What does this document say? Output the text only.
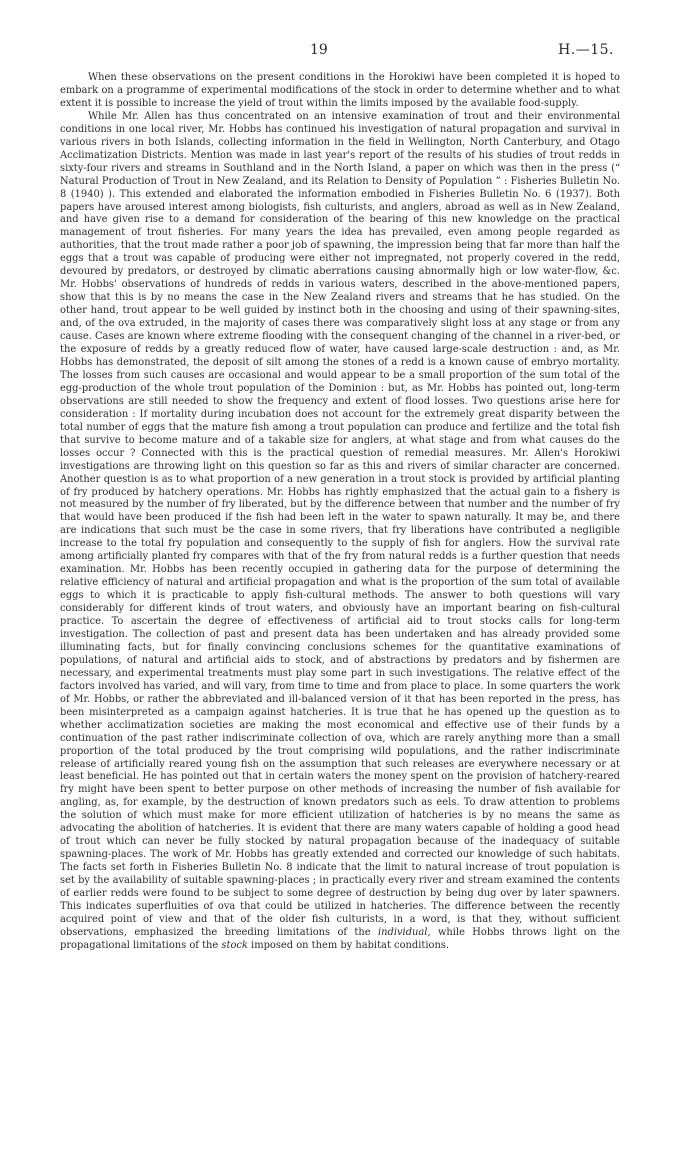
19	H.—15.

When these observations on the present conditions in the Horokiwi have been completed it is hoped to embark on a programme of experimental modifications of the stock in order to determine whether and to what extent it is possible to increase the yield of trout within the limits imposed by the available food-supply.

While Mr. Allen has thus concentrated on an intensive examination of trout and their environmental conditions in one local river, Mr. Hobbs has continued his investigation of natural propagation and survival in various rivers in both Islands, collecting information in the field in Wellington, North Canterbury, and Otago Acclimatization Districts. Mention was made in last year's report of the results of his studies of trout redds in sixty-four rivers and streams in Southland and in the North Island, a paper on which was then in the press (“ Natural Production of Trout in New Zealand, and its Relation to Density of Population ” : Fisheries Bulletin No. 8 (1940) ). This extended and elaborated the information embodied in Fisheries Bulletin No. 6 (1937). Both papers have aroused interest among biologists, fish culturists, and anglers, abroad as well as in New Zealand, and have given rise to a demand for consideration of the bearing of this new knowledge on the practical management of trout fisheries. For many years the idea has prevailed, even among people regarded as authorities, that the trout made rather a poor job of spawning, the impression being that far more than half the eggs that a trout was capable of producing were either not impregnated, not properly covered in the redd, devoured by predators, or destroyed by climatic aberrations causing abnormally high or low water-flow, &c. Mr. Hobbs' observations of hundreds of redds in various waters, described in the above-mentioned papers, show that this is by no means the case in the New Zealand rivers and streams that he has studied. On the other hand, trout appear to be well guided by instinct both in the choosing and using of their spawning-sites, and, of the ova extruded, in the majority of cases there was comparatively slight loss at any stage or from any cause. Cases are known where extreme flooding with the consequent changing of the channel in a river-bed, or the exposure of redds by a greatly reduced flow of water, have caused large-scale destruction : and, as Mr. Hobbs has demonstrated, the deposit of silt among the stones of a redd is a known cause of embryo mortality. The losses from such causes are occasional and would appear to be a small proportion of the sum total of the egg-production of the whole trout population of the Dominion : but, as Mr. Hobbs has pointed out, long-term observations are still needed to show the frequency and extent of flood losses. Two questions arise here for consideration : If mortality during incubation does not account for the extremely great disparity between the total number of eggs that the mature fish among a trout population can produce and fertilize and the total fish that survive to become mature and of a takable size for anglers, at what stage and from what causes do the losses occur ? Connected with this is the practical question of remedial measures. Mr. Allen's Horokiwi investigations are throwing light on this question so far as this and rivers of similar character are concerned. Another question is as to what proportion of a new generation in a trout stock is provided by artificial planting of fry produced by hatchery operations. Mr. Hobbs has rightly emphasized that the actual gain to a fishery is not measured by the number of fry liberated, but by the difference between that number and the number of fry that would have been produced if the fish had been left in the water to spawn naturally. It may be, and there are indications that such must be the case in some rivers, that fry liberations have contributed a negligible increase to the total fry population and consequently to the supply of fish for anglers. How the survival rate among artificially planted fry compares with that of the fry from natural redds is a further question that needs examination. Mr. Hobbs has been recently occupied in gathering data for the purpose of determining the relative efficiency of natural and artificial propagation and what is the proportion of the sum total of available eggs to which it is practicable to apply fish-cultural methods. The answer to both questions will vary considerably for different kinds of trout waters, and obviously have an important bearing on fish-cultural practice. To ascertain the degree of effectiveness of artificial aid to trout stocks calls for long-term investigation. The collection of past and present data has been undertaken and has already provided some illuminating facts, but for finally convincing conclusions schemes for the quantitative examinations of populations, of natural and artificial aids to stock, and of abstractions by predators and by fishermen are necessary, and experimental treatments must play some part in such investigations. The relative effect of the factors involved has varied, and will vary, from time to time and from place to place. In some quarters the work of Mr. Hobbs, or rather the abbreviated and ill-balanced version of it that has been reported in the press, has been misinterpreted as a campaign against hatcheries. It is true that he has opened up the question as to whether acclimatization societies are making the most economical and effective use of their funds by a continuation of the past rather indiscriminate collection of ova, which are rarely anything more than a small proportion of the total produced by the trout comprising wild populations, and the rather indiscriminate release of artificially reared young fish on the assumption that such releases are everywhere necessary or at least beneficial. He has pointed out that in certain waters the money spent on the provision of hatchery-reared fry might have been spent to better purpose on other methods of increasing the number of fish available for angling, as, for example, by the destruction of known predators such as eels. To draw attention to problems the solution of which must make for more efficient utilization of hatcheries is by no means the same as advocating the abolition of hatcheries. It is evident that there are many waters capable of holding a good head of trout which can never be fully stocked by natural propagation because of the inadequacy of suitable spawning-places. The work of Mr. Hobbs has greatly extended and corrected our knowledge of such habitats. The facts set forth in Fisheries Bulletin No. 8 indicate that the limit to natural increase of trout population is set by the availability of suitable spawning-places ; in practically every river and stream examined the contents of earlier redds were found to be subject to some degree of destruction by being dug over by later spawners. This indicates superfluities of ova that could be utilized in hatcheries. The difference between the recently acquired point of view and that of the older fish culturists, in a word, is that they, without sufficient observations, emphasized the breeding limitations of the individual, while Hobbs throws light on the propagational limitations of the stock imposed on them by habitat conditions.
